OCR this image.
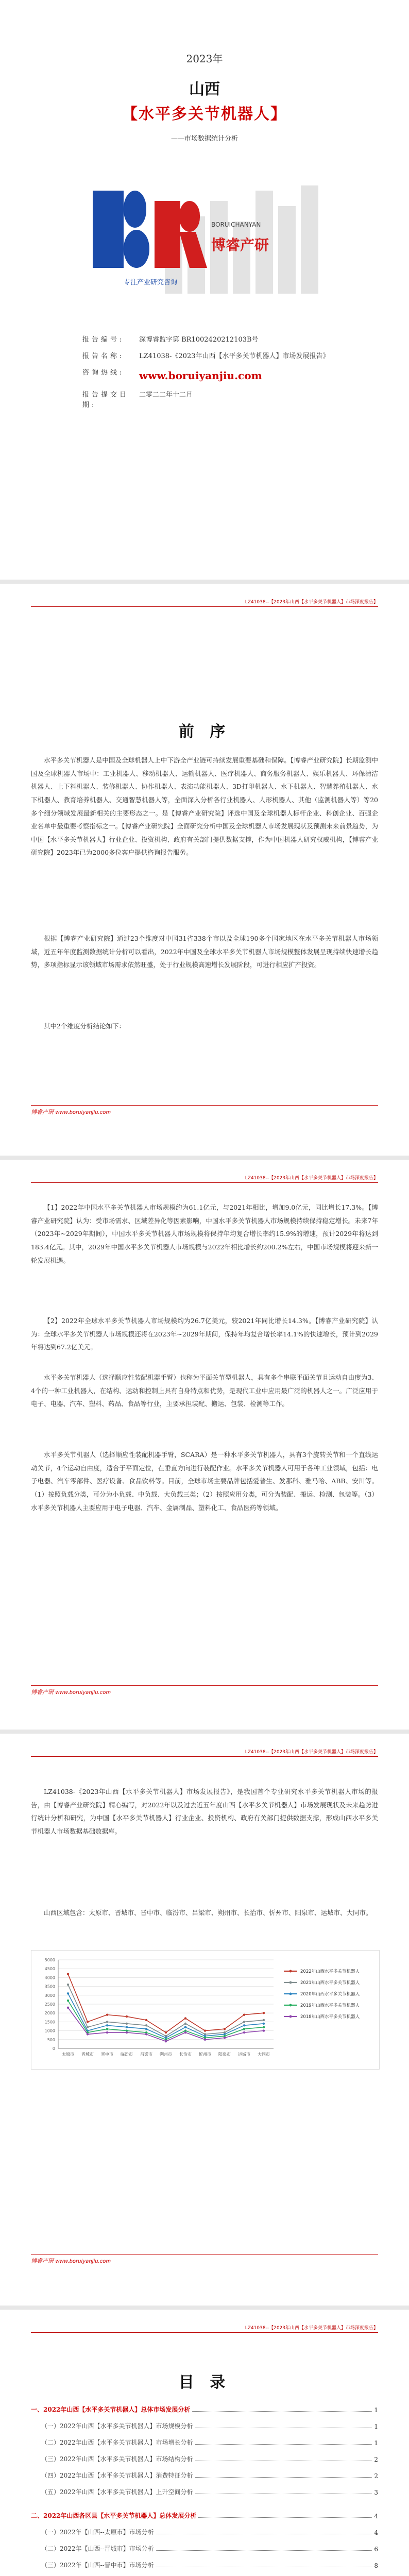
2023年
山西
【水平多关节机器人】
——市场数据统计分析
博睿产研
BORUICHANYAN
专注产业研究咨询
报告编号:	深博睿监字第 BR1002420212103B号
报告名称:	LZ41038-《2023年山西【水平多关节机器人】市场发展报告》
咨询热线:	www.boruiyanjiu.com
报告提交日期:
二零二二年十二月
LZ41038--【2023年山西【水平多关节机器人】市场深度报告】
前 序

水平多关节机器人是中国及全球机器人上中下游全产业链可持续发展重要基础和保障。【博睿产业研究院】长期监测中国及全球机器人市场中：工业机器人、移动机器人、运输机器人、医疗机器人、商务服务机器人、娱乐机器人、环保清洁机器人、上下料机器人、装修机器人、协作机器人、表演功能机器人、3D打印机器人、水下机器人、智慧养殖机器人、水下机器人、教育培养机器人、交通智慧机器人等，全面深入分析各行业机器人、人形机器人、其他（监测机器人等）等20多个细分领域发展最新相关的主要形态之一。是【博睿产业研究院】评选中国及全球机器人标杆企业、科创企业、百强企业名单中最重要考察指标之一。【博睿产业研究院】全面研究分析中国及全球机器人市场发展现状及预测未来前景趋势，为中国【水平多关节机器人】行业企业、投资机构、政府有关部门提供数据支撑，作为中国机器人研究权威机构，【博睿产业研究院】2023年已为2000多位客户提供咨询报告服务。

根据【博睿产业研究院】通过23个维度对中国31省338个市以及全球190多个国家地区在水平多关节机器人市场领域，近五年年度监测数据统计分析可以看出，2022年中国及全球水平多关节机器人市场规模整体发展呈现持续快速增长趋势，多项指标显示该领域市场需求依然旺盛，处于行业规模高速增长发展阶段，可进行相应扩产投资。

其中2个维度分析结论如下：

博睿产研 www.boruiyanjiu.com
LZ41038--【2023年山西【水平多关节机器人】市场深度报告】

【1】2022年中国水平多关节机器人市场规模约为61.1亿元，与2021年相比，增加9.0亿元，同比增长17.3%。【博睿产业研究院】认为：受市场需求、区域差异化等因素影响，中国水平多关节机器人市场规模持续保持稳定增长。未来7年（2023年~2029年期间），中国水平多关节机器人市场规模将保持年均复合增长率约15.9%的增速，预计2029年将达到183.4亿元。其中，2029年中国水平多关节机器人市场规模与2022年相比增长约200.2%左右，中国市场规模将迎来新一轮发展机遇。

【2】2022年全球水平多关节机器人市场规模约为26.7亿美元，较2021年同比增长14.3%。【博睿产业研究院】认为：全球水平多关节机器人市场规模还将在2023年~2029年期间，保持年均复合增长率14.1%的快速增长，预计到2029年将达到67.2亿美元。

水平多关节机器人（选择顺应性装配机器手臂）也称为平面关节型机器人，具有多个串联平面关节且运动自由度为3、4个的一种工业机器人，在结构、运动和控制上具有自身特点和优势，是现代工业中应用最广泛的机器人之一。广泛应用于电子、电器、汽车、塑料、药品、食品等行业，主要承担装配、搬运、包装、检测等工作。

水平多关节机器人（选择顺应性装配机器手臂，SCARA）是一种水平多关节机器人，具有3个旋转关节和一个直线运动关节，4个运动自由度，适合于平面定位，在垂直方向进行装配作业。水平多关节机器人可用于各种工业领域，包括：电子电器、汽车零部件、医疗设备、食品饮料等。目前，全球市场主要品牌包括爱普生、发那科、雅马哈、ABB、安川等。（1）按照负载分类，可分为小负载、中负载、大负载三类；（2）按照应用分类，可分为装配、搬运、检测、包装等。（3）水平多关节机器人主要应用于电子电器、汽车、金属制品、塑料化工、食品医药等领域。

博睿产研 www.boruiyanjiu.com
LZ41038--【2023年山西【水平多关节机器人】市场深度报告】

LZ41038-《2023年山西【水平多关节机器人】市场发展报告》，是我国首个专业研究水平多关节机器人市场的报告，由【博睿产业研究院】精心编写，对2022年以及过去近五年度山西【水平多关节机器人】市场发展现状及未来趋势进行统计分析和研究，为中国【水平多关节机器人】行业企业、投资机构、政府有关部门提供数据支撑，形成山西水平多关节机器人市场数据基础数据库。

山西区域包含：太原市、晋城市、晋中市、临汾市、吕梁市、朔州市、长治市、忻州市、阳泉市、运城市、大同市。

5000
4500
4000
3500
3000
2500
2000
1500
1000
500
0
太原市 晋城市 晋中市 临汾市 吕梁市 朔州市 长治市 忻州市 阳泉市 运城市 大同市
2022年山西水平多关节机器人
2021年山西水平多关节机器人
2020年山西水平多关节机器人
2019年山西水平多关节机器人
2018年山西水平多关节机器人
博睿产研 www.boruiyanjiu.com
LZ41038--【2023年山西【水平多关节机器人】市场深度报告】
目 录
一、2022年山西【水平多关节机器人】总体市场发展分析	1
（一）2022年山西【水平多关节机器人】市场规模分析	1
（二）2022年山西【水平多关节机器人】市场增长分析	1
（三）2022年山西【水平多关节机器人】市场结构分析	2
（四）2022年山西【水平多关节机器人】消费特征分析	2
（五）2022年山西【水平多关节机器人】上升空间分析	3
二、2022年山西各区县【水平多关节机器人】总体发展分析	4
（一）2022年【山西--太原市】市场分析	4
（二）2022年【山西--晋城市】市场分析	6
（三）2022年【山西--晋中市】市场分析	8
